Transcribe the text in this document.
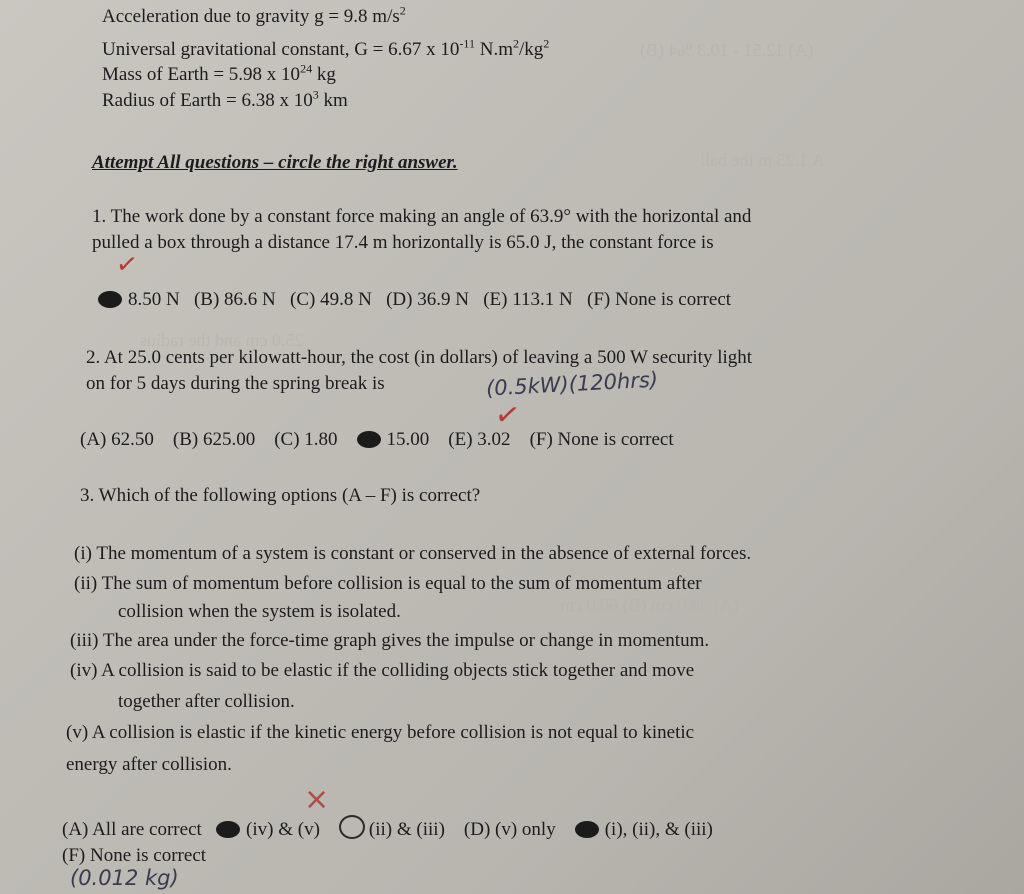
(A) 12.51 - 10.3 %4 (B)
A 1.25 m the ball
25.0 cm and the radius
(A) 30.0 cm (B) 60.0 cm
Acceleration due to gravity g = 9.8 $m/s^2$
Universal gravitational constant, G = 6.67 x $10^{-11}$ $N.m^2/kg^2$
Mass of Earth = 5.98 x $10^{24}$ kg
Radius of Earth = 6.38 x $10^3$ km
Attempt All questions – circle the right answer.
1. The work done by a constant force making an angle of 63.9° with the horizontal and
pulled a box through a distance 17.4 m horizontally is 65.0 J, the constant force is
✓
8.50 N (B) 86.6 N (C) 49.8 N (D) 36.9 N (E) 113.1 N (F) None is correct
2. At 25.0 cents per kilowatt-hour, the cost (in dollars) of leaving a 500 W security light
on for 5 days during the spring break is	(0.5kW)(120hrs)
✓
(A) 62.50 (B) 625.00 (C) 1.80	15.00 (E) 3.02 (F) None is correct
3. Which of the following options (A – F) is correct?
(i) The momentum of a system is constant or conserved in the absence of external forces.
(ii) The sum of momentum before collision is equal to the sum of momentum after
collision when the system is isolated.
(iii) The area under the force-time graph gives the impulse or change in momentum.
(iv) A collision is said to be elastic if the colliding objects stick together and move
together after collision.
(v) A collision is elastic if the kinetic energy before collision is not equal to kinetic
energy after collision.
×
(A) All are correct (iv) & (v)	(ii) & (iii) (D) (v) only	(i), (ii), & (iii)
(F) None is correct
(0.012 kg)
